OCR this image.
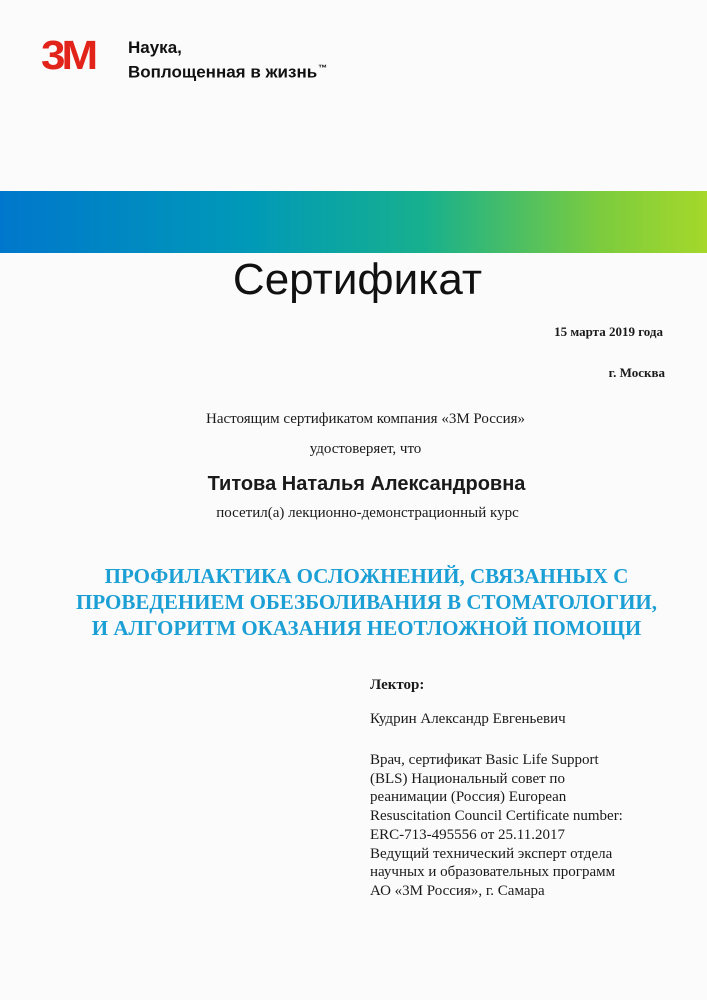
3M Наука,
Воплощенная в жизнь™
Сертификат
15 марта 2019 года
г. Москва
Настоящим сертификатом компания «3М Россия»
удостоверяет, что
Титова Наталья Александровна
посетил(а) лекционно-демонстрационный курс
ПРОФИЛАКТИКА ОСЛОЖНЕНИЙ, СВЯЗАННЫХ С
ПРОВЕДЕНИЕМ ОБЕЗБОЛИВАНИЯ В СТОМАТОЛОГИИ,
И АЛГОРИТМ ОКАЗАНИЯ НЕОТЛОЖНОЙ ПОМОЩИ
Лектор:
Кудрин Александр Евгеньевич
Врач, сертификат Basic Life Support
(BLS) Национальный совет по
реанимации (Россия) European
Resuscitation Council Certificate number:
ERC-713-495556 от 25.11.2017
Ведущий технический эксперт отдела
научных и образовательных программ
АО «3М Россия», г. Самара
